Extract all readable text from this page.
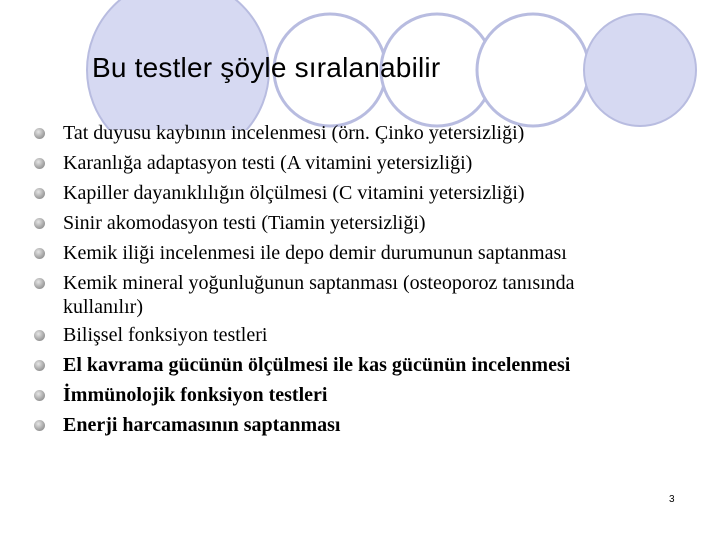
Bu testler şöyle sıralanabilir
Tat duyusu kaybının incelenmesi (örn. Çinko yetersizliği)
Karanlığa adaptasyon testi (A vitamini yetersizliği)
Kapiller dayanıklılığın ölçülmesi (C vitamini yetersizliği)
Sinir akomodasyon testi (Tiamin yetersizliği)
Kemik iliği incelenmesi ile depo demir durumunun saptanması
Kemik mineral yoğunluğunun saptanması (osteoporoz tanısında
kullanılır)
Bilişsel fonksiyon testleri
El kavrama gücünün ölçülmesi ile kas gücünün incelenmesi
İmmünolojik fonksiyon testleri
Enerji harcamasının saptanması
3
